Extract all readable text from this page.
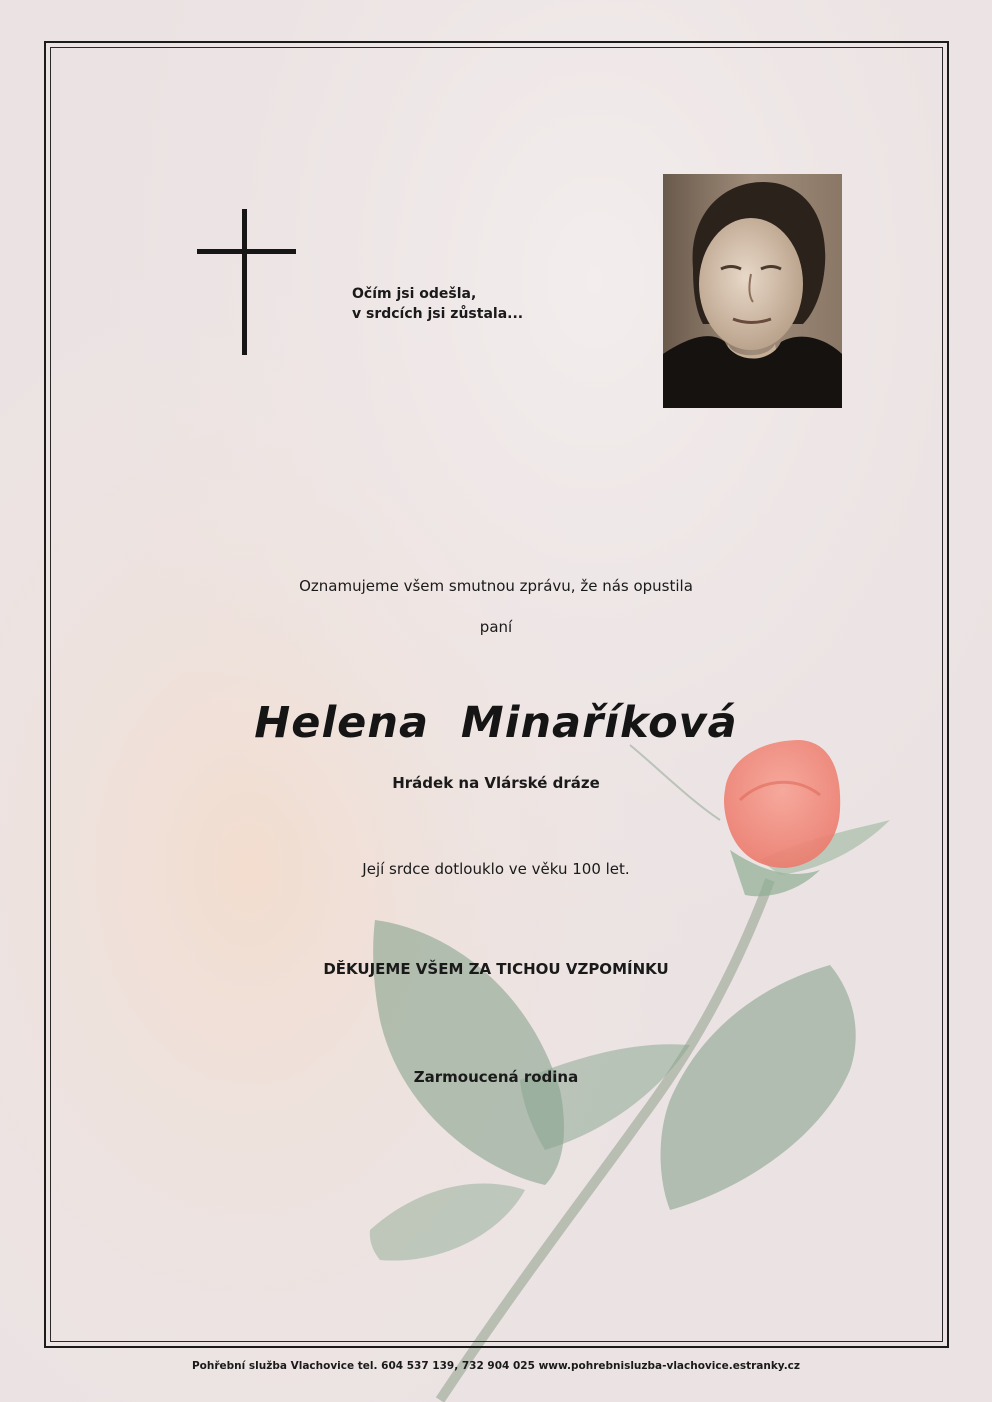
Očím jsi odešla,
v srdcích jsi zůstala...
Oznamujeme všem smutnou zprávu, že nás opustila
paní
Helena  Minaříková
Hrádek na Vlárské dráze
Její srdce dotlouklo ve věku 100 let.
DĚKUJEME VŠEM ZA TICHOU VZPOMÍNKU
Zarmoucená rodina
Pohřební služba Vlachovice tel. 604 537 139, 732 904 025 www.pohrebnisluzba-vlachovice.estranky.cz
